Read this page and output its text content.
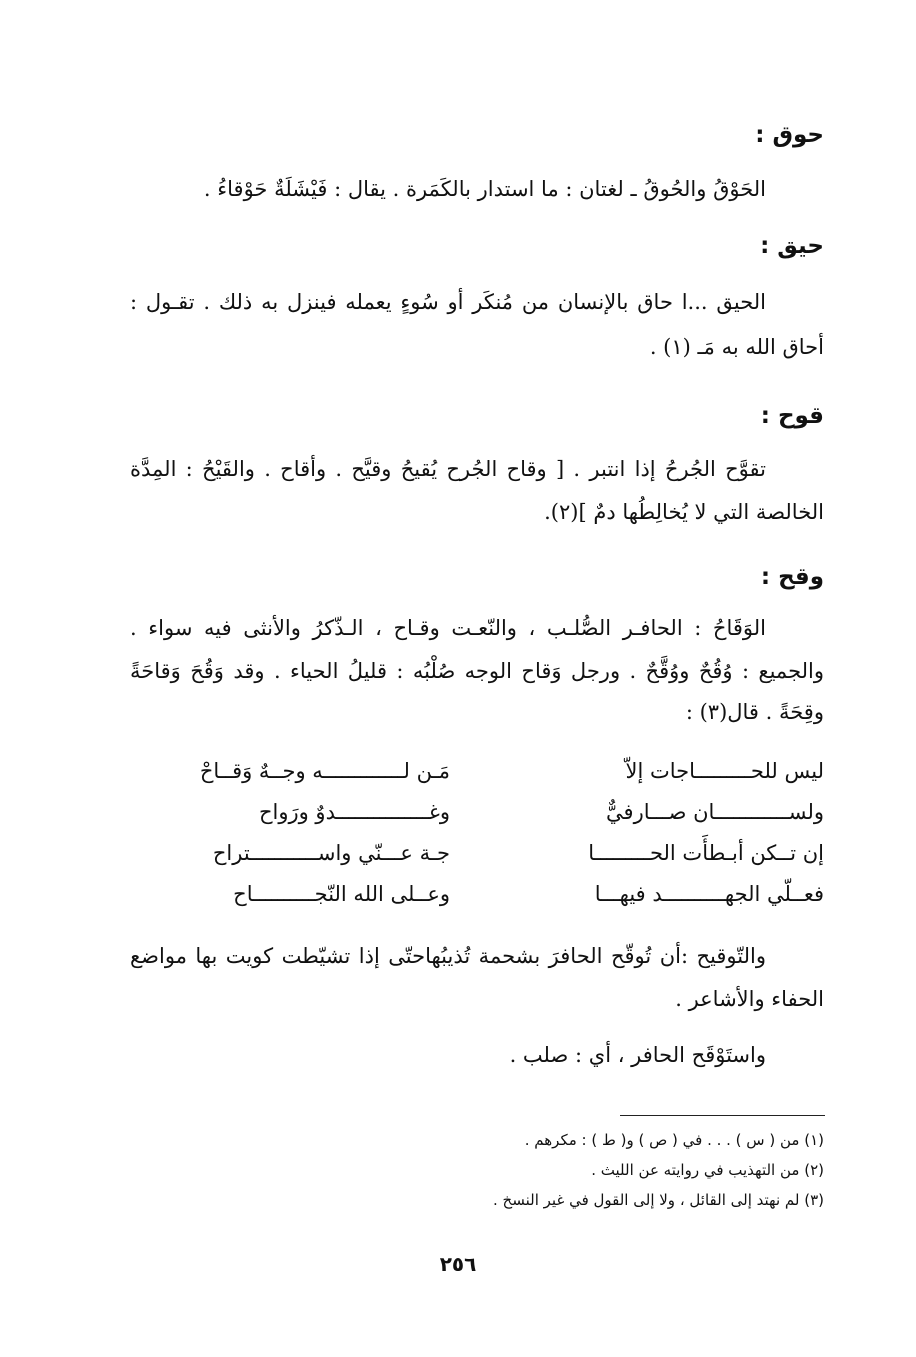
حوق :
الحَوْقُ والحُوقُ ـ لغتان : ما استدار بالكَمَرة . يقال : فَيْشَلَةٌ حَوْقاءُ .
حيق :
الحيق ...ا حاق بالإنسان من مُنكَر أو سُوءٍ يعمله فينزل به ذلك . تقـول :
أحاق الله به مَـ (١) .
قوح :
تقوَّح الجُرحُ إذا انتبر . [ وقاح الجُرح يُقيحُ وقيَّح . وأقاح . والقَيْحُ : المِدَّة
الخالصة التي لا يُخالِطُها دمٌ ](٢).
وقح :
الوَقَاحُ : الحافـر الصُّلـب ، والنّعـت وقـاح ، الـذّكرُ والأنثى فيه سواء .
والجميع : وُقُحٌ ووُقَّحٌ . ورجل وَقاح الوجه صُلْبُه : قليلُ الحياء . وقد وَقُحَ وَقاحَةً
وقِحَةً . قال(٣) :
ليس للحـــــــــاجات إلاّ
مَـن لـــــــــــــه وجــهٌ وَقــاحْ
ولســــــــــــان صـــارفيٌّ
وغـــــــــــــــدوٌ ورَواح
إن تــكن أبـطأَت الحـــــــــا
جـة عـــنّي واســـــــــــتراح
فعــلّي الجهــــــــــد فيهـــا
وعــلى الله النّجــــــــــاح
والتّوقيح :أن تُوقّح الحافرَ بشحمة تُذيبُهاحتّى إذا تشيّطت كويت بها مواضع
الحفاء والأشاعر .
واستَوْقَح الحافر ، أي : صلب .
(١) من ( س ) . . . في ( ص ) و( ط ) : مكرهم .
(٢) من التهذيب في روايته عن الليث .
(٣) لم نهتد إلى القائل ، ولا إلى القول في غير النسخ .
٢٥٦
